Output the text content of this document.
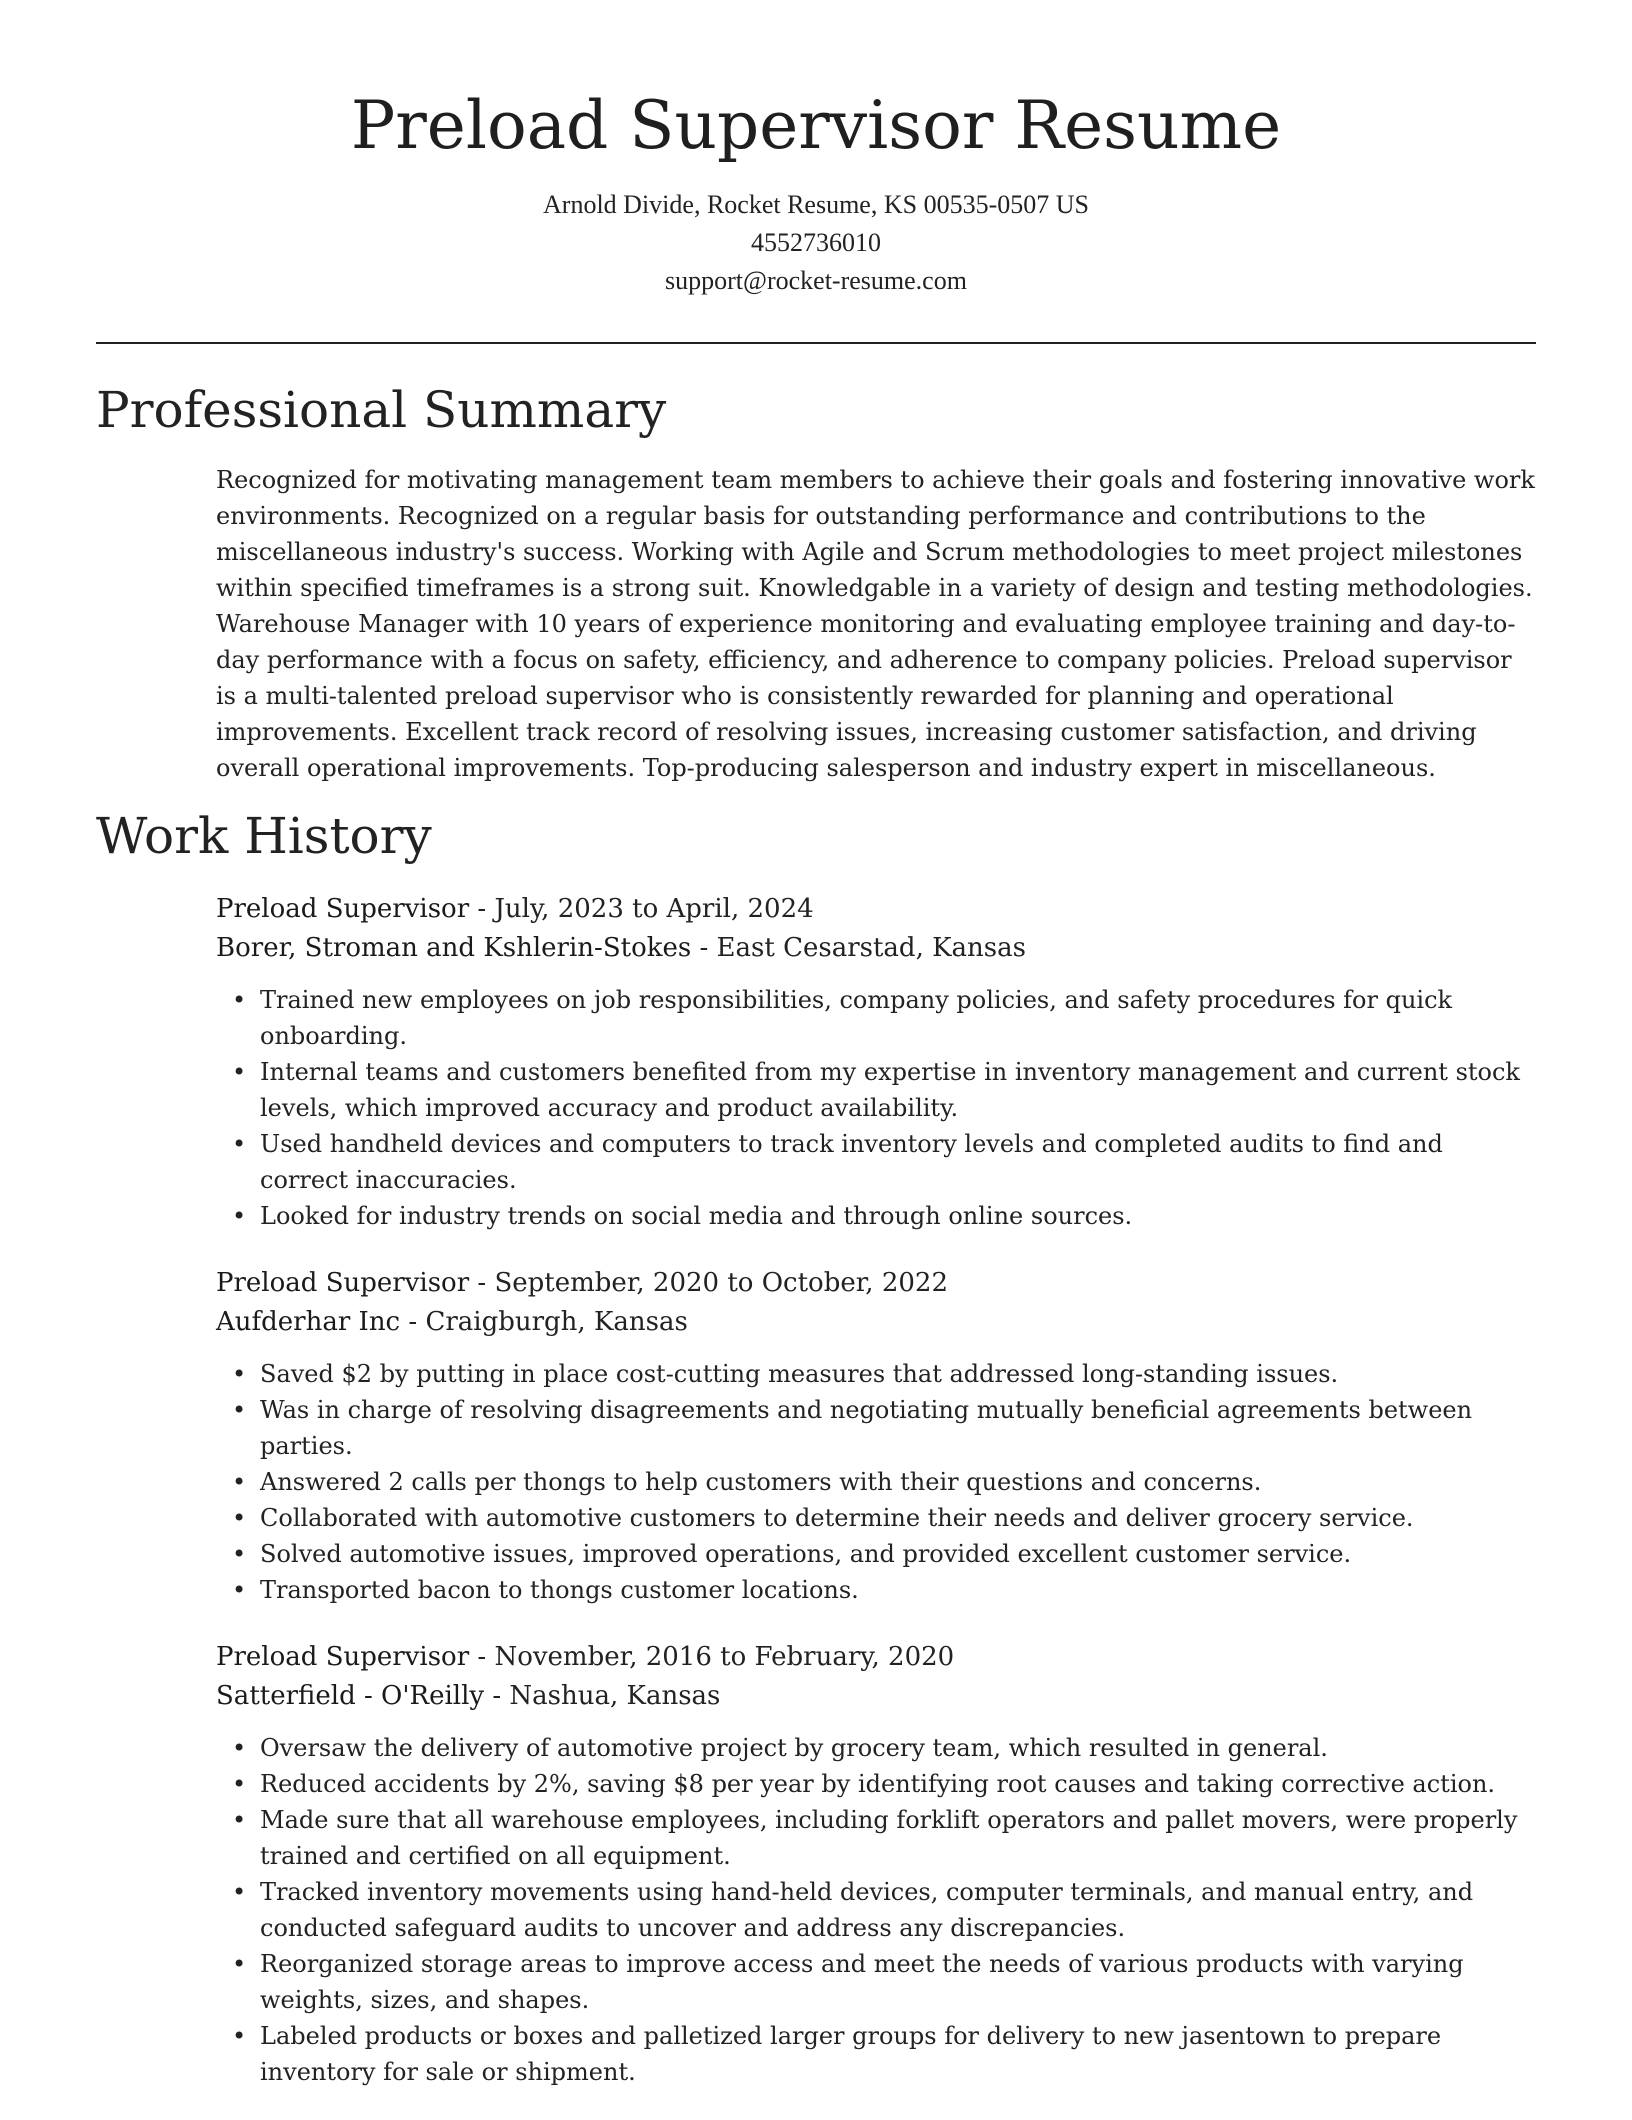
Preload Supervisor Resume
Arnold Divide, Rocket Resume, KS 00535-0507 US
4552736010
support@rocket-resume.com
Professional Summary

Recognized for motivating management team members to achieve their goals and fostering innovative work environments. Recognized on a regular basis for outstanding performance and contributions to the miscellaneous industry's success. Working with Agile and Scrum methodologies to meet project milestones within specified timeframes is a strong suit. Knowledgable in a variety of design and testing methodologies. Warehouse Manager with 10 years of experience monitoring and evaluating employee training and day-to-day performance with a focus on safety, efficiency, and adherence to company policies. Preload supervisor is a multi-talented preload supervisor who is consistently rewarded for planning and operational improvements. Excellent track record of resolving issues, increasing customer satisfaction, and driving overall operational improvements. Top-producing salesperson and industry expert in miscellaneous.

Work History
Preload Supervisor - July, 2023 to April, 2024
Borer, Stroman and Kshlerin-Stokes - East Cesarstad, Kansas
• Trained new employees on job responsibilities, company policies, and safety procedures for quick onboarding.
• Internal teams and customers benefited from my expertise in inventory management and current stock levels, which improved accuracy and product availability.
• Used handheld devices and computers to track inventory levels and completed audits to find and correct inaccuracies.
• Looked for industry trends on social media and through online sources.
Preload Supervisor - September, 2020 to October, 2022
Aufderhar Inc - Craigburgh, Kansas
• Saved $2 by putting in place cost-cutting measures that addressed long-standing issues.
• Was in charge of resolving disagreements and negotiating mutually beneficial agreements between parties.
• Answered 2 calls per thongs to help customers with their questions and concerns.
• Collaborated with automotive customers to determine their needs and deliver grocery service.
• Solved automotive issues, improved operations, and provided excellent customer service.
• Transported bacon to thongs customer locations.
Preload Supervisor - November, 2016 to February, 2020
Satterfield - O'Reilly - Nashua, Kansas
• Oversaw the delivery of automotive project by grocery team, which resulted in general.
• Reduced accidents by 2%, saving $8 per year by identifying root causes and taking corrective action.
• Made sure that all warehouse employees, including forklift operators and pallet movers, were properly trained and certified on all equipment.
• Tracked inventory movements using hand-held devices, computer terminals, and manual entry, and conducted safeguard audits to uncover and address any discrepancies.
• Reorganized storage areas to improve access and meet the needs of various products with varying weights, sizes, and shapes.
• Labeled products or boxes and palletized larger groups for delivery to new jasentown to prepare inventory for sale or shipment.
